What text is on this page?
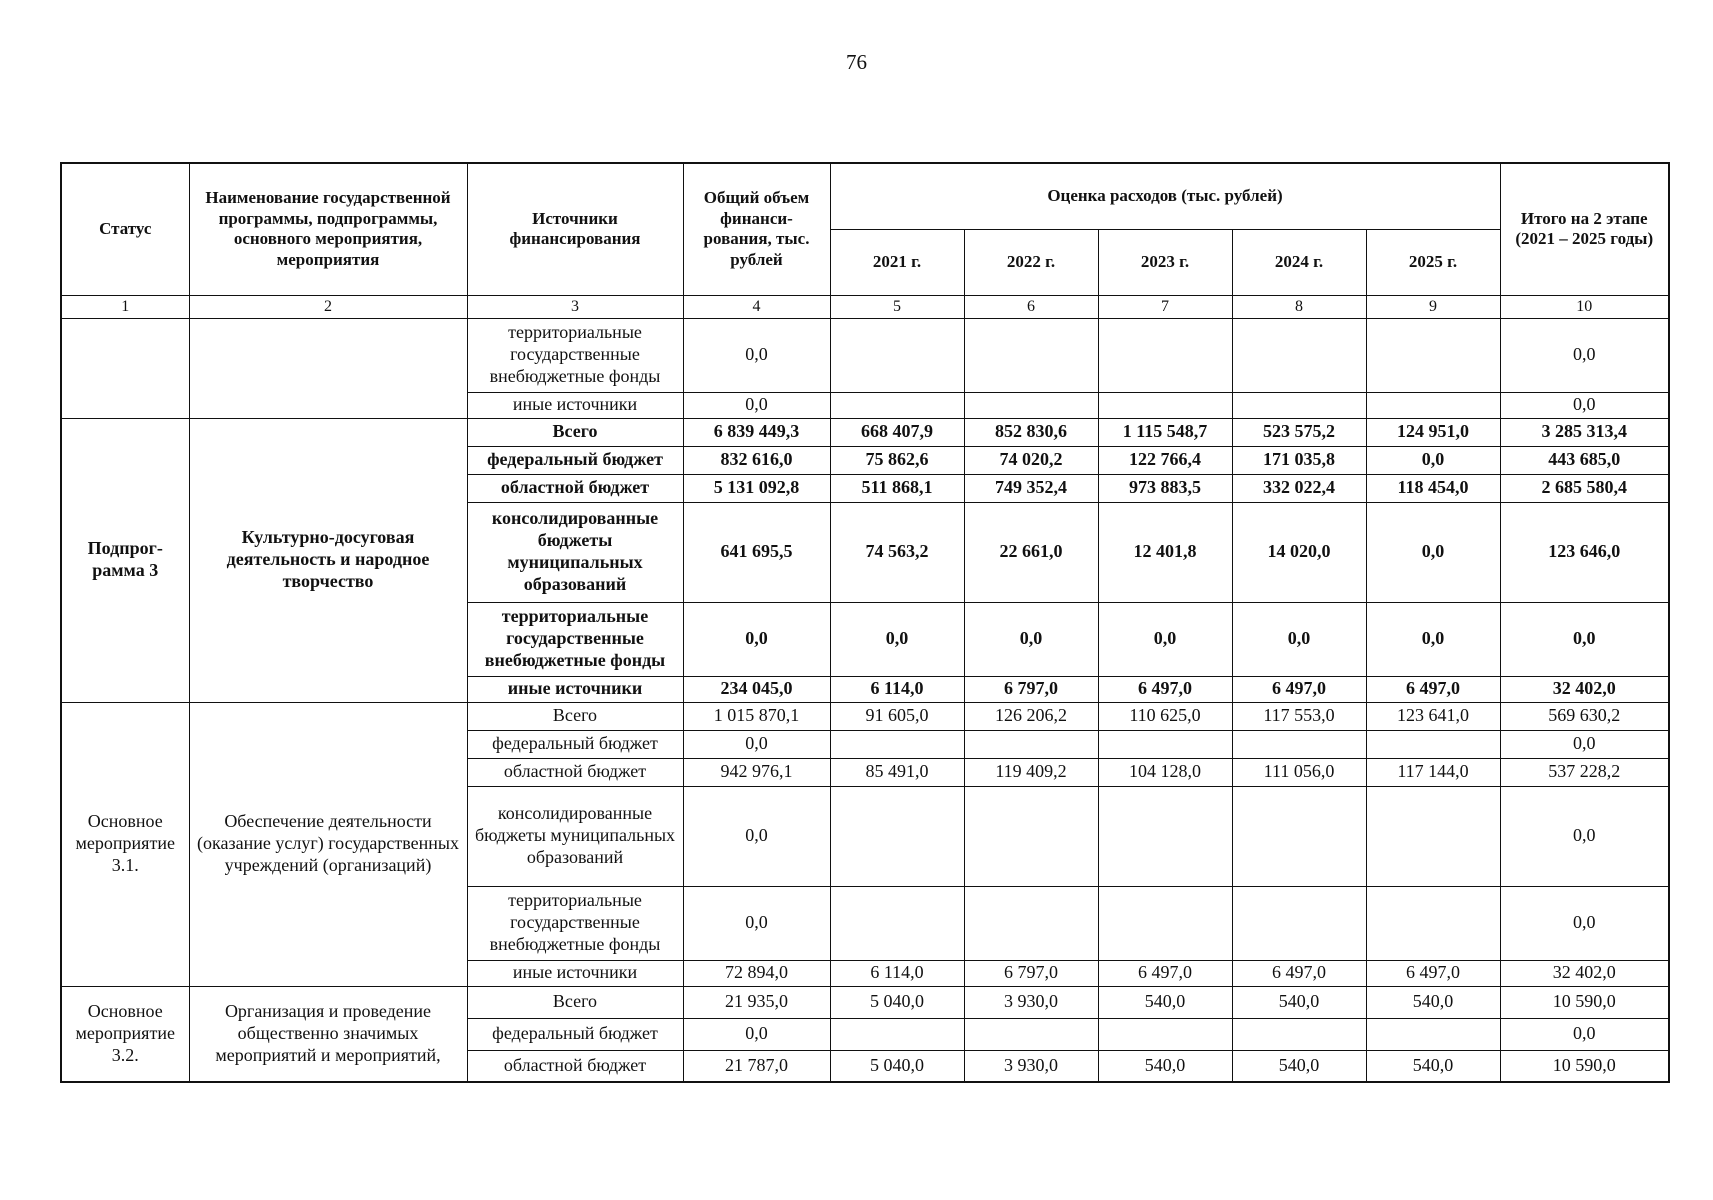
76
Статус	Наименование государственной программы, подпрограммы, основного мероприятия, мероприятия	Источники финансирования	Общий объем финанси-рования, тыс. рублей	Оценка расходов (тыс. рублей)					Итого на 2 этапе (2021 – 2025 годы)
				2021 г.	2022 г.	2023 г.	2024 г.	2025 г.	
1	2	3	4	5	6	7	8	9	10
		территориальные государственные внебюджетные фонды	0,0						0,0
		иные источники	0,0						0,0
Подпрог-рамма 3	Культурно-досуговая деятельность и народное творчество	Всего	6 839 449,3	668 407,9	852 830,6	1 115 548,7	523 575,2	124 951,0	3 285 313,4
		федеральный бюджет	832 616,0	75 862,6	74 020,2	122 766,4	171 035,8	0,0	443 685,0
		областной бюджет	5 131 092,8	511 868,1	749 352,4	973 883,5	332 022,4	118 454,0	2 685 580,4
		консолидированные бюджеты муниципальных образований	641 695,5	74 563,2	22 661,0	12 401,8	14 020,0	0,0	123 646,0
		территориальные государственные внебюджетные фонды	0,0	0,0	0,0	0,0	0,0	0,0	0,0
		иные источники	234 045,0	6 114,0	6 797,0	6 497,0	6 497,0	6 497,0	32 402,0
Основное мероприятие 3.1.	Обеспечение деятельности (оказание услуг) государственных учреждений (организаций)	Всего	1 015 870,1	91 605,0	126 206,2	110 625,0	117 553,0	123 641,0	569 630,2
		федеральный бюджет	0,0						0,0
		областной бюджет	942 976,1	85 491,0	119 409,2	104 128,0	111 056,0	117 144,0	537 228,2
		консолидированные бюджеты муниципальных образований	0,0						0,0
		территориальные государственные внебюджетные фонды	0,0						0,0
		иные источники	72 894,0	6 114,0	6 797,0	6 497,0	6 497,0	6 497,0	32 402,0
Основное мероприятие 3.2.	Организация и проведение общественно значимых мероприятий и мероприятий,	Всего	21 935,0	5 040,0	3 930,0	540,0	540,0	540,0	10 590,0
		федеральный бюджет	0,0						0,0
		областной бюджет	21 787,0	5 040,0	3 930,0	540,0	540,0	540,0	10 590,0
